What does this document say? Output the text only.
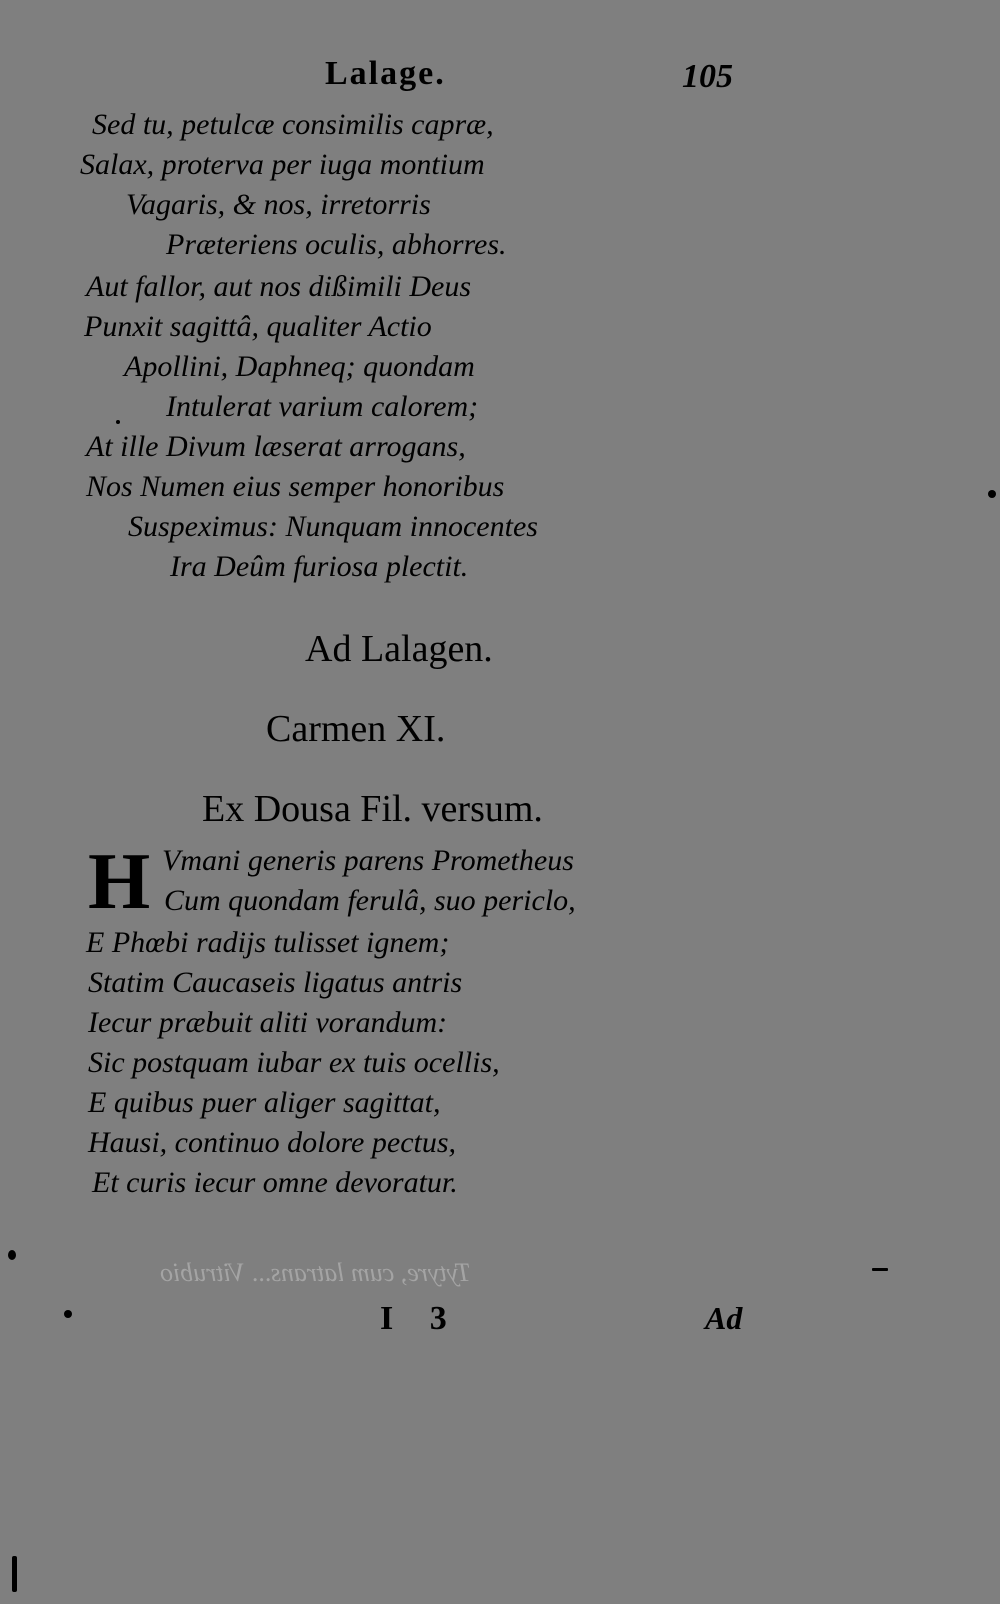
Lalage.	105
Sed tu, petulcæ consimilis capræ,
Salax, proterva per iuga montium
Vagaris, & nos, irretorris
Præteriens oculis, abhorres.
Aut fallor, aut nos dißimili Deus
Punxit sagittâ, qualiter Actio
Apollini, Daphneq; quondam
Intulerat varium calorem;
At ille Divum læserat arrogans,
Nos Numen eius semper honoribus
Suspeximus: Nunquam innocentes
Ira Deûm furiosa plectit.
Ad Lalagen.
Carmen XI.
Ex Dousa Fil. versum.
H Vmani generis parens Prometheus
Cum quondam ferulâ, suo periclo,
E Phœbi radijs tulisset ignem;
Statim Caucaseis ligatus antris
Iecur præbuit aliti vorandum:
Sic postquam iubar ex tuis ocellis,
E quibus puer aliger sagittat,
Hausi, continuo dolore pectus,
Et curis iecur omne devoratur.
Tytyre, cum latrans... Vitrubio
I 3	Ad
